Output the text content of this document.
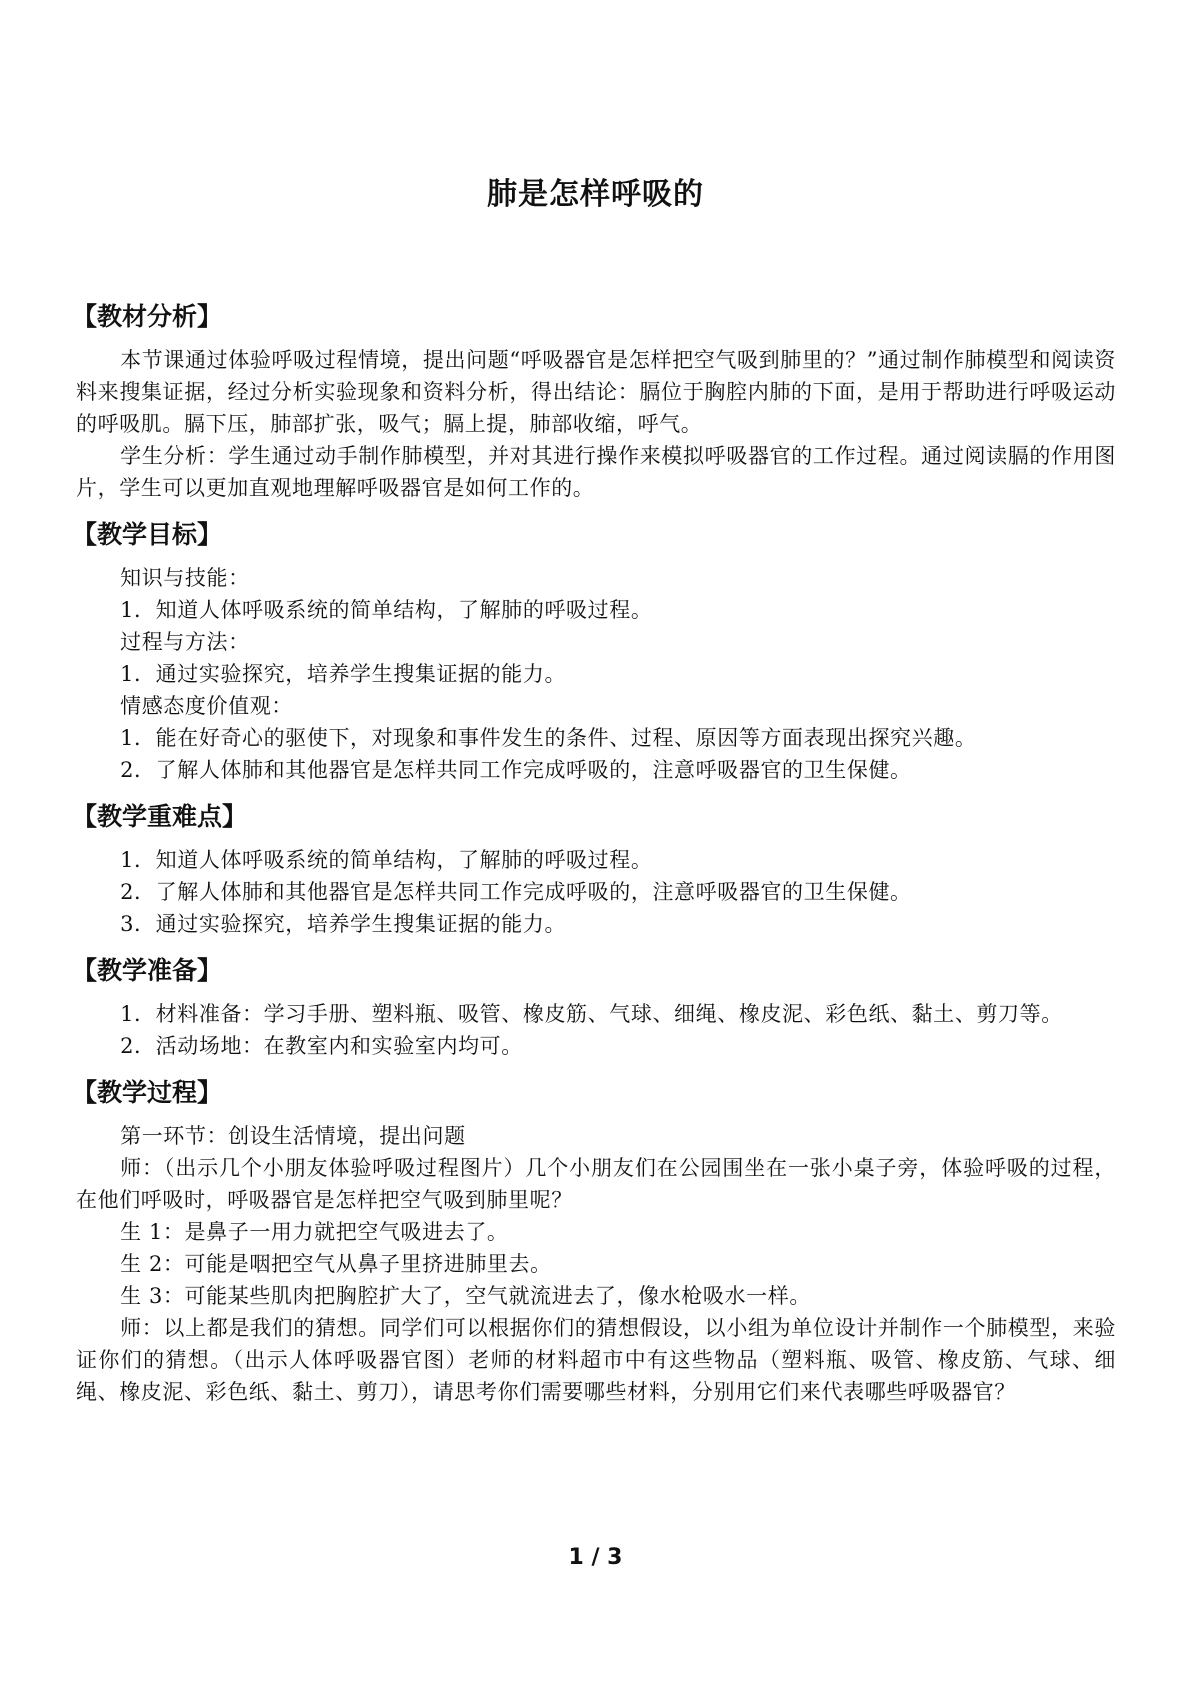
肺是怎样呼吸的
【教材分析】

本节课通过体验呼吸过程情境，提出问题“呼吸器官是怎样把空气吸到肺里的？”通过制作肺模型和阅读资料来搜集证据，经过分析实验现象和资料分析，得出结论：膈位于胸腔内肺的下面，是用于帮助进行呼吸运动的呼吸肌。膈下压，肺部扩张，吸气；膈上提，肺部收缩，呼气。

学生分析：学生通过动手制作肺模型，并对其进行操作来模拟呼吸器官的工作过程。通过阅读膈的作用图片，学生可以更加直观地理解呼吸器官是如何工作的。

【教学目标】

知识与技能：

1．知道人体呼吸系统的简单结构，了解肺的呼吸过程。

过程与方法：

1．通过实验探究，培养学生搜集证据的能力。

情感态度价值观：

1．能在好奇心的驱使下，对现象和事件发生的条件、过程、原因等方面表现出探究兴趣。

2．了解人体肺和其他器官是怎样共同工作完成呼吸的，注意呼吸器官的卫生保健。

【教学重难点】

1．知道人体呼吸系统的简单结构，了解肺的呼吸过程。

2．了解人体肺和其他器官是怎样共同工作完成呼吸的，注意呼吸器官的卫生保健。

3．通过实验探究，培养学生搜集证据的能力。

【教学准备】

1．材料准备：学习手册、塑料瓶、吸管、橡皮筋、气球、细绳、橡皮泥、彩色纸、黏土、剪刀等。

2．活动场地：在教室内和实验室内均可。

【教学过程】

第一环节：创设生活情境，提出问题

师：（出示几个小朋友体验呼吸过程图片）几个小朋友们在公园围坐在一张小桌子旁，体验呼吸的过程，在他们呼吸时，呼吸器官是怎样把空气吸到肺里呢？

生 1：是鼻子一用力就把空气吸进去了。

生 2：可能是咽把空气从鼻子里挤进肺里去。

生 3：可能某些肌肉把胸腔扩大了，空气就流进去了，像水枪吸水一样。

师：以上都是我们的猜想。同学们可以根据你们的猜想假设，以小组为单位设计并制作一个肺模型，来验证你们的猜想。（出示人体呼吸器官图）老师的材料超市中有这些物品（塑料瓶、吸管、橡皮筋、气球、细绳、橡皮泥、彩色纸、黏土、剪刀），请思考你们需要哪些材料，分别用它们来代表哪些呼吸器官？

1 / 3
